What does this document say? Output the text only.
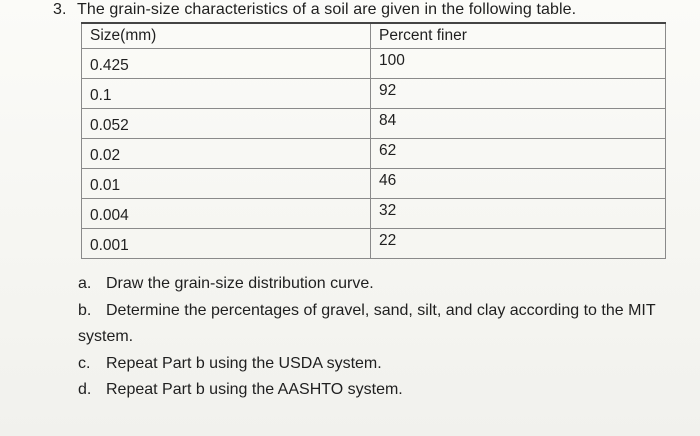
3. The grain-size characteristics of a soil are given in the following table.
Size(mm)	Percent finer
0.425	100
0.1	92
0.052	84
0.02	62
0.01	46
0.004	32
0.001	22
a. Draw the grain-size distribution curve.
b. Determine the percentages of gravel, sand, silt, and clay according to the MIT
system.
c. Repeat Part b using the USDA system.
d. Repeat Part b using the AASHTO system.
